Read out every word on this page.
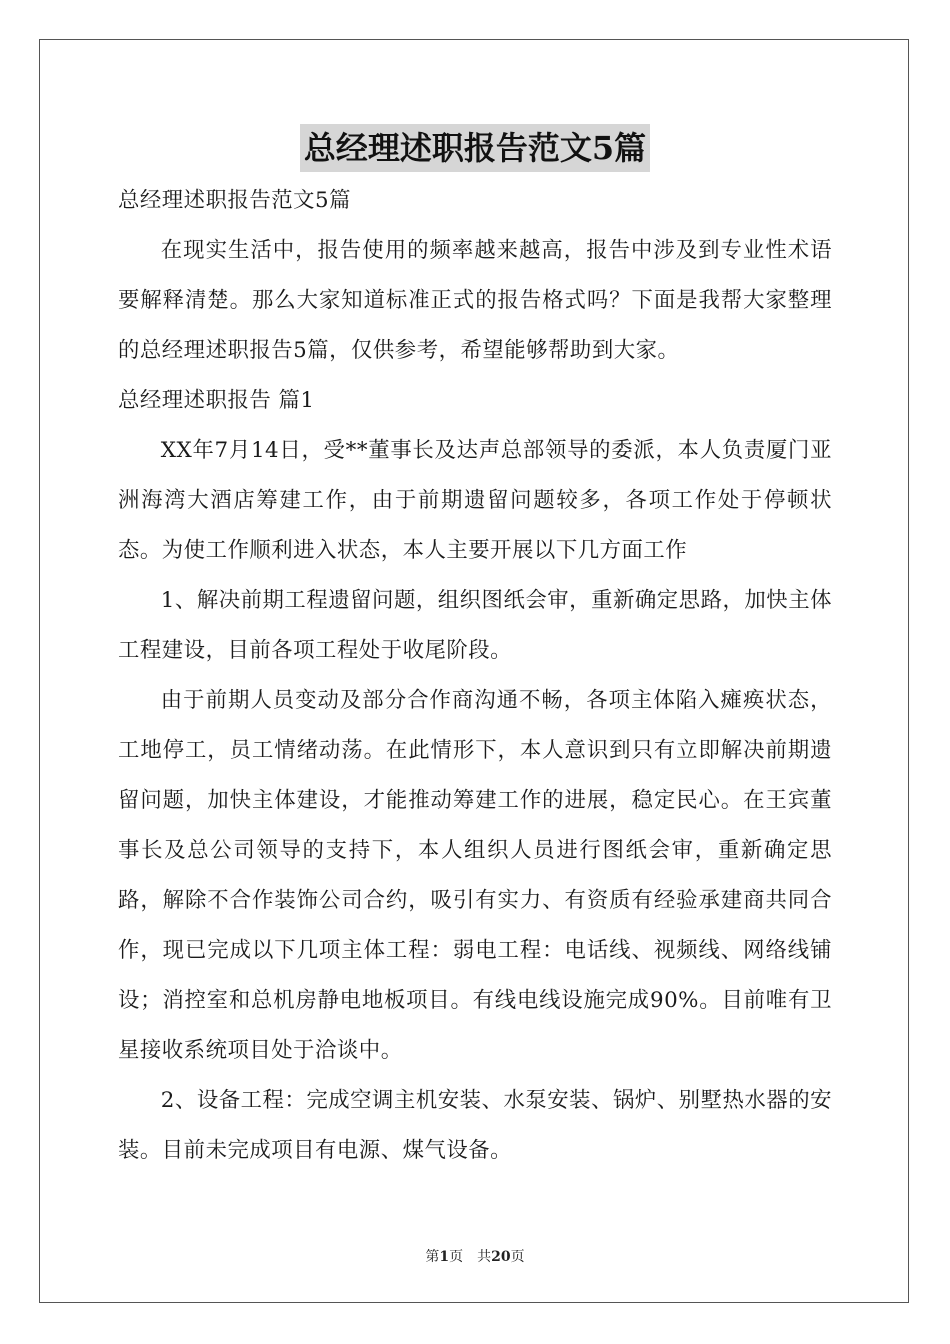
总经理述职报告范文5篇

总经理述职报告范文5篇

在现实生活中，报告使用的频率越来越高，报告中涉及到专业性术语要解释清楚。那么大家知道标准正式的报告格式吗？下面是我帮大家整理的总经理述职报告5篇，仅供参考，希望能够帮助到大家。

总经理述职报告 篇1

XX年7月14日，受**董事长及达声总部领导的委派，本人负责厦门亚洲海湾大酒店筹建工作，由于前期遗留问题较多，各项工作处于停顿状态。为使工作顺利进入状态，本人主要开展以下几方面工作

1、解决前期工程遗留问题，组织图纸会审，重新确定思路，加快主体工程建设，目前各项工程处于收尾阶段。

由于前期人员变动及部分合作商沟通不畅，各项主体陷入瘫痪状态，工地停工，员工情绪动荡。在此情形下，本人意识到只有立即解决前期遗留问题，加快主体建设，才能推动筹建工作的进展，稳定民心。在王宾董事长及总公司领导的支持下，本人组织人员进行图纸会审，重新确定思路，解除不合作装饰公司合约，吸引有实力、有资质有经验承建商共同合作，现已完成以下几项主体工程：弱电工程：电话线、视频线、网络线铺设；消控室和总机房静电地板项目。有线电线设施完成90%。目前唯有卫星接收系统项目处于洽谈中。

2、设备工程：完成空调主机安装、水泵安装、锅炉、别墅热水器的安装。目前未完成项目有电源、煤气设备。

第1页　共20页
